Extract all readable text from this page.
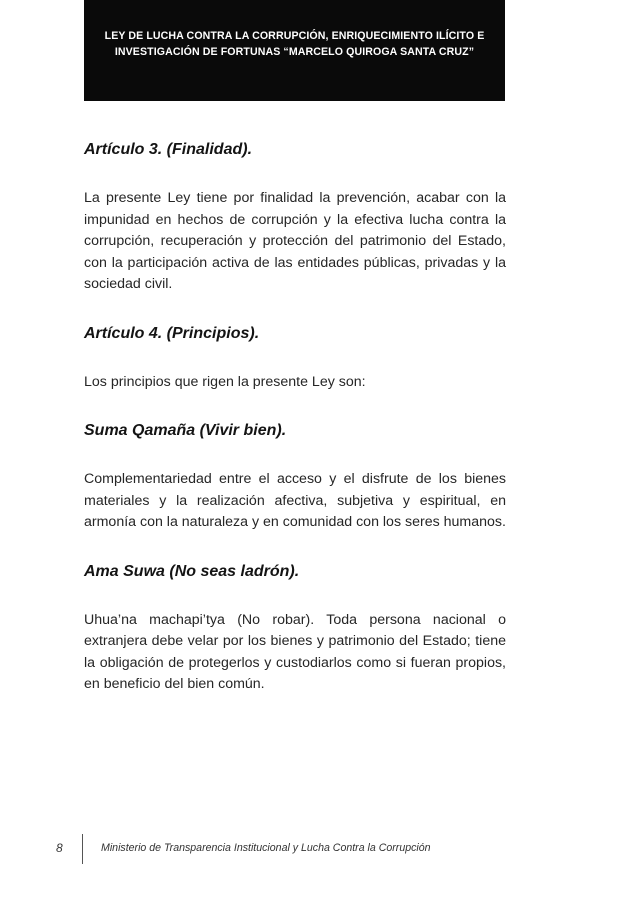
LEY DE LUCHA CONTRA LA CORRUPCIÓN, ENRIQUECIMIENTO ILÍCITO E
INVESTIGACIÓN DE FORTUNAS “MARCELO QUIROGA SANTA CRUZ”
Artículo 3. (Finalidad).

La presente Ley tiene por finalidad la prevención, acabar con la impunidad en hechos de corrupción y la efectiva lucha contra la corrupción, recuperación y protección del patrimonio del Estado, con la participación activa de las entidades públicas, privadas y la sociedad civil.

Artículo 4. (Principios).

Los principios que rigen la presente Ley son:

Suma Qamaña (Vivir bien).

Complementariedad entre el acceso y el disfrute de los bienes materiales y la realización afectiva, subjetiva y espiritual, en armonía con la naturaleza y en comunidad con los seres humanos.

Ama Suwa (No seas ladrón).

Uhua’na machapi’tya (No robar). Toda persona nacional o extranjera debe velar por los bienes y patrimonio del Estado; tiene la obligación de protegerlos y custodiarlos como si fueran propios, en beneficio del bien común.

8	Ministerio de Transparencia Institucional y Lucha Contra la Corrupción
